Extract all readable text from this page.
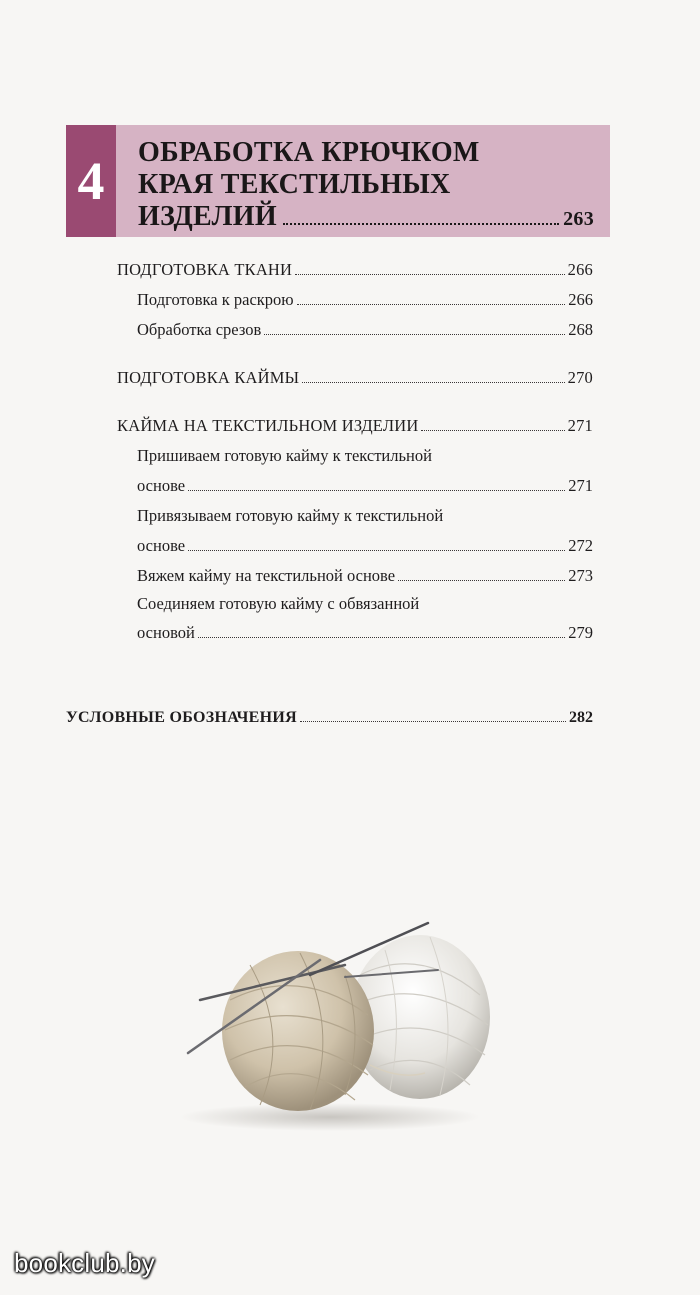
4 ОБРАБОТКА КРЮЧКОМ
КРАЯ ТЕКСТИЛЬНЫХ
ИЗДЕЛИЙ	263
ПОДГОТОВКА ТКАНИ	266
Подготовка к раскрою	266
Обработка срезов	268
ПОДГОТОВКА КАЙМЫ	270
КАЙМА НА ТЕКСТИЛЬНОМ ИЗДЕЛИИ	271
Пришиваем готовую кайму к текстильной
основе	271
Привязываем готовую кайму к текстильной
основе	272
Вяжем кайму на текстильной основе	273
Соединяем готовую кайму с обвязанной
основой	279
УСЛОВНЫЕ ОБОЗНАЧЕНИЯ	282
bookclub.by
